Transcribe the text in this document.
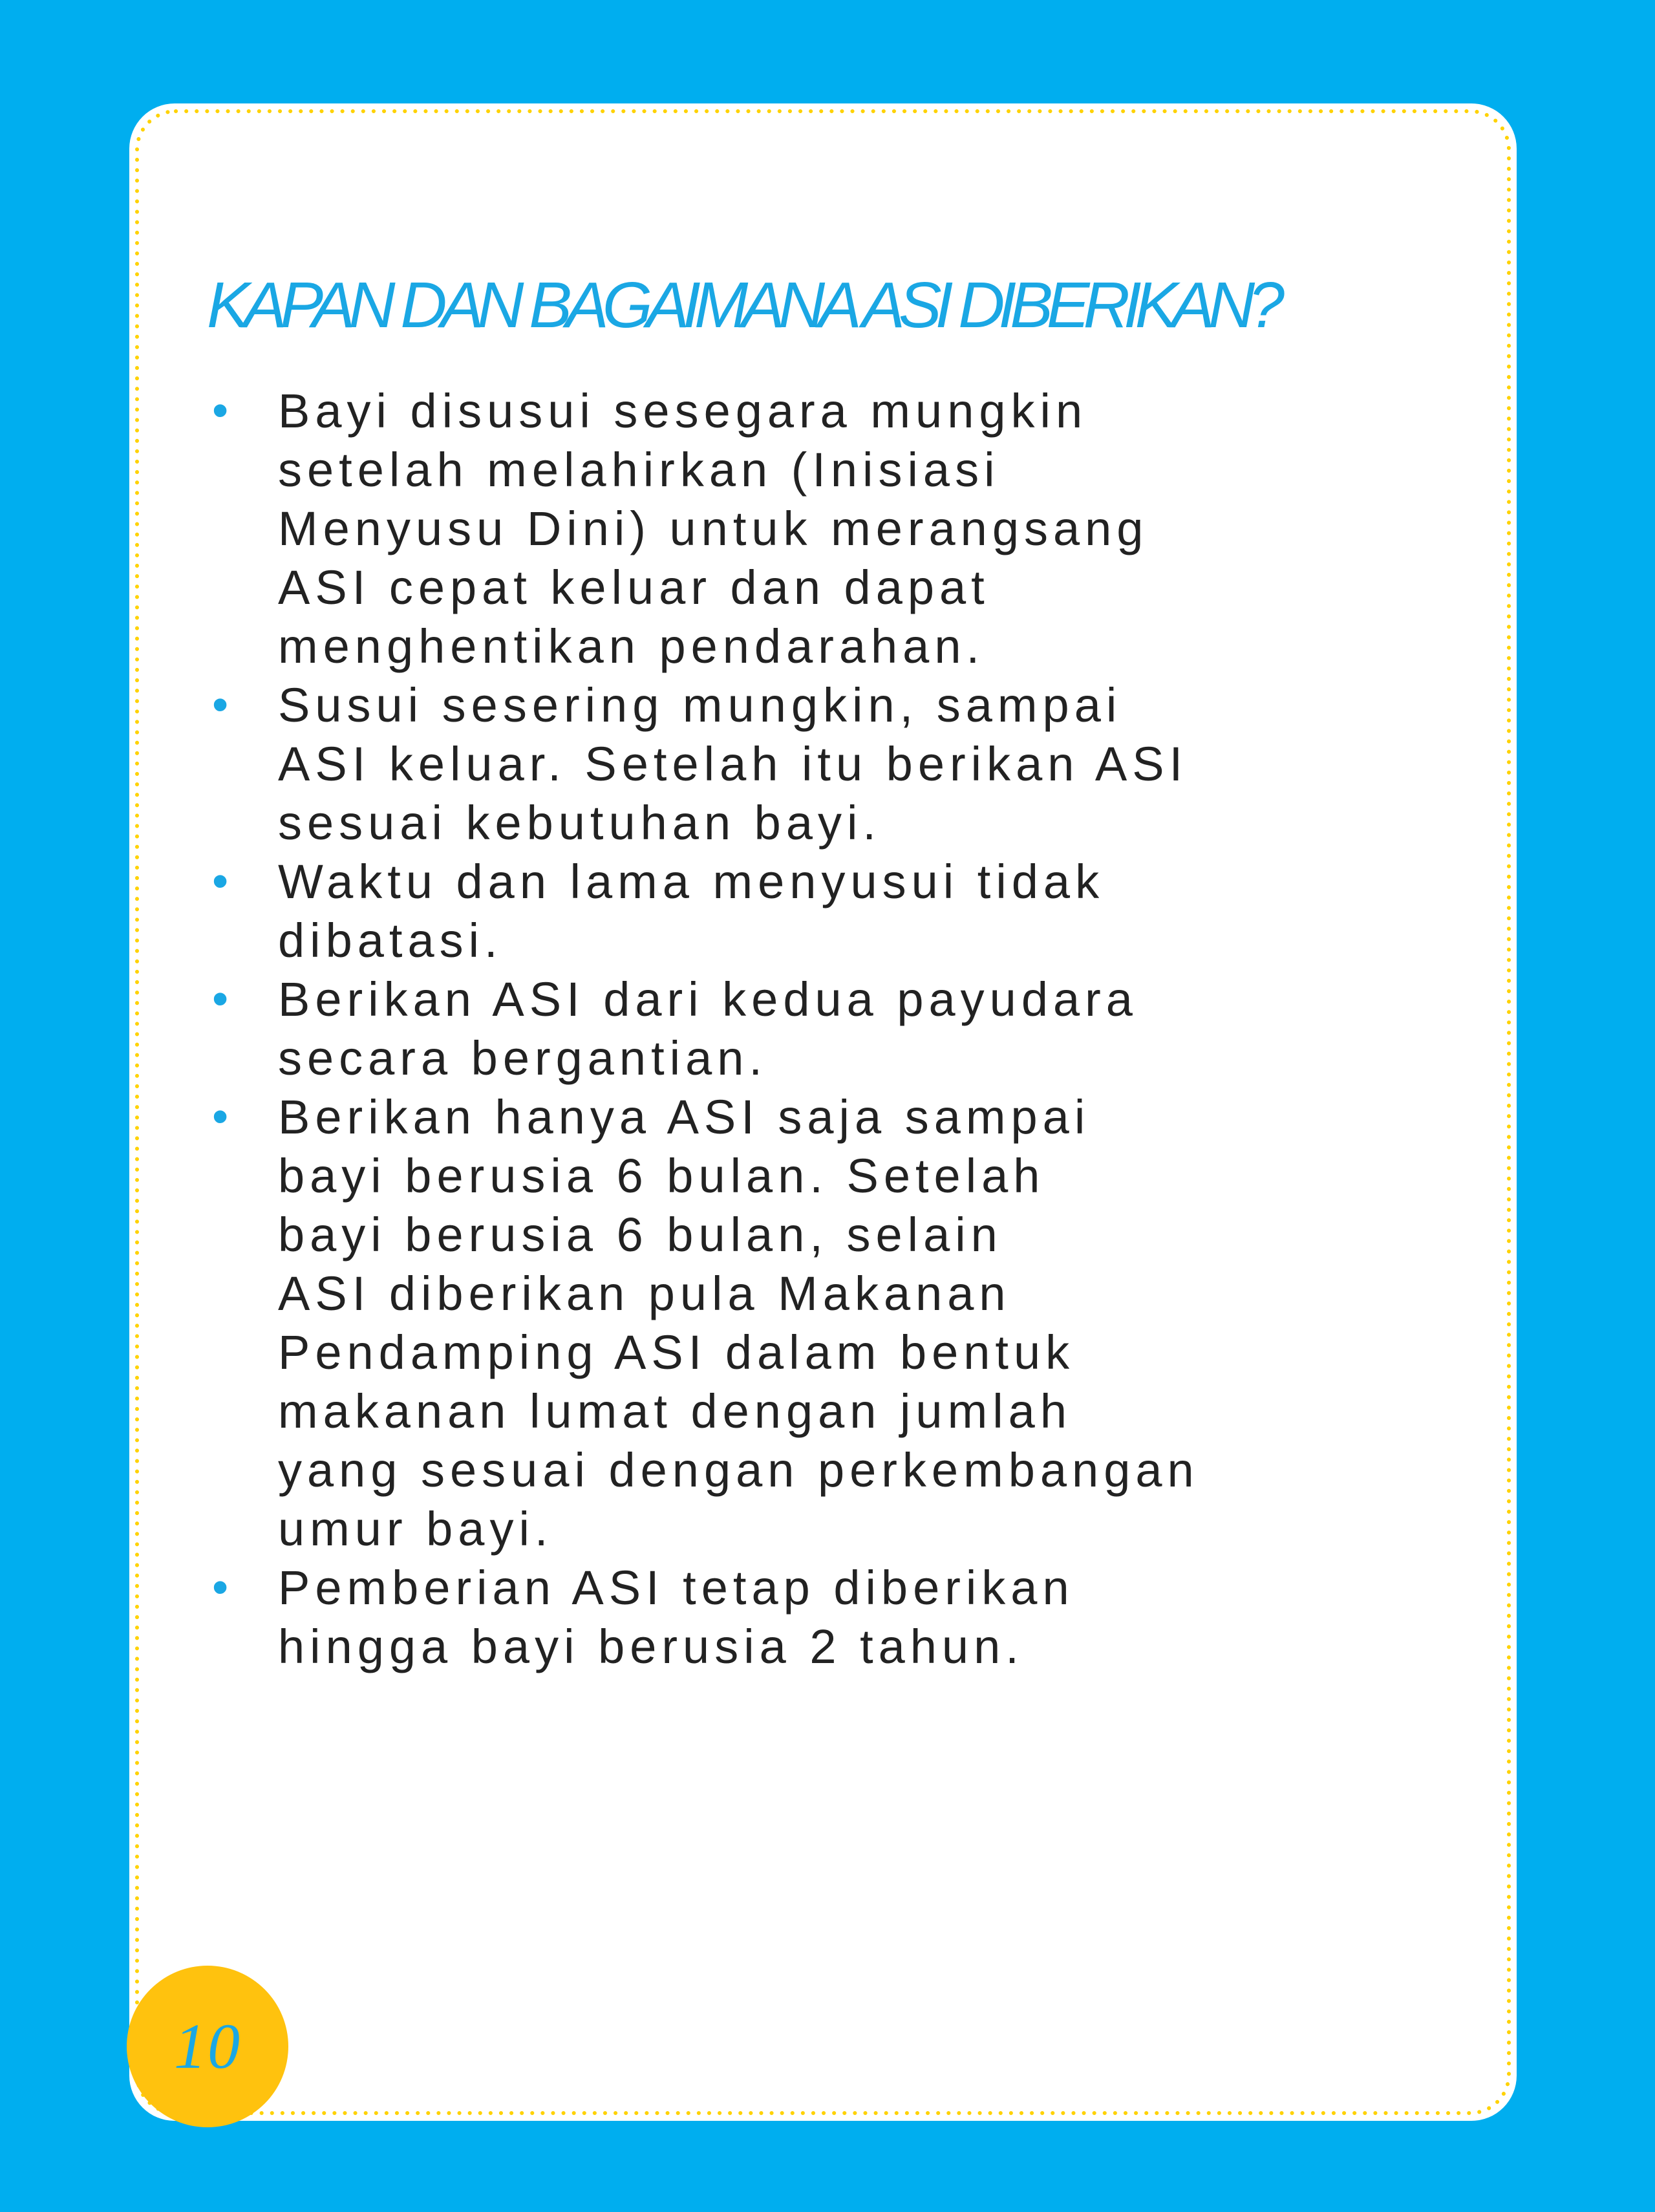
KAPAN DAN BAGAIMANA ASI DIBERIKAN?
• Bayi disusui sesegara mungkin
setelah melahirkan (Inisiasi
Menyusu Dini) untuk merangsang
ASI cepat keluar dan dapat
menghentikan pendarahan.
• Susui sesering mungkin, sampai
ASI keluar. Setelah itu berikan ASI
sesuai kebutuhan bayi.
• Waktu dan lama menyusui tidak
dibatasi.
• Berikan ASI dari kedua payudara
secara bergantian.
• Berikan hanya ASI saja sampai
bayi berusia 6 bulan. Setelah
bayi berusia 6 bulan, selain
ASI diberikan pula Makanan
Pendamping ASI dalam bentuk
makanan lumat dengan jumlah
yang sesuai dengan perkembangan
umur bayi.
• Pemberian ASI tetap diberikan
hingga bayi berusia 2 tahun.
10
